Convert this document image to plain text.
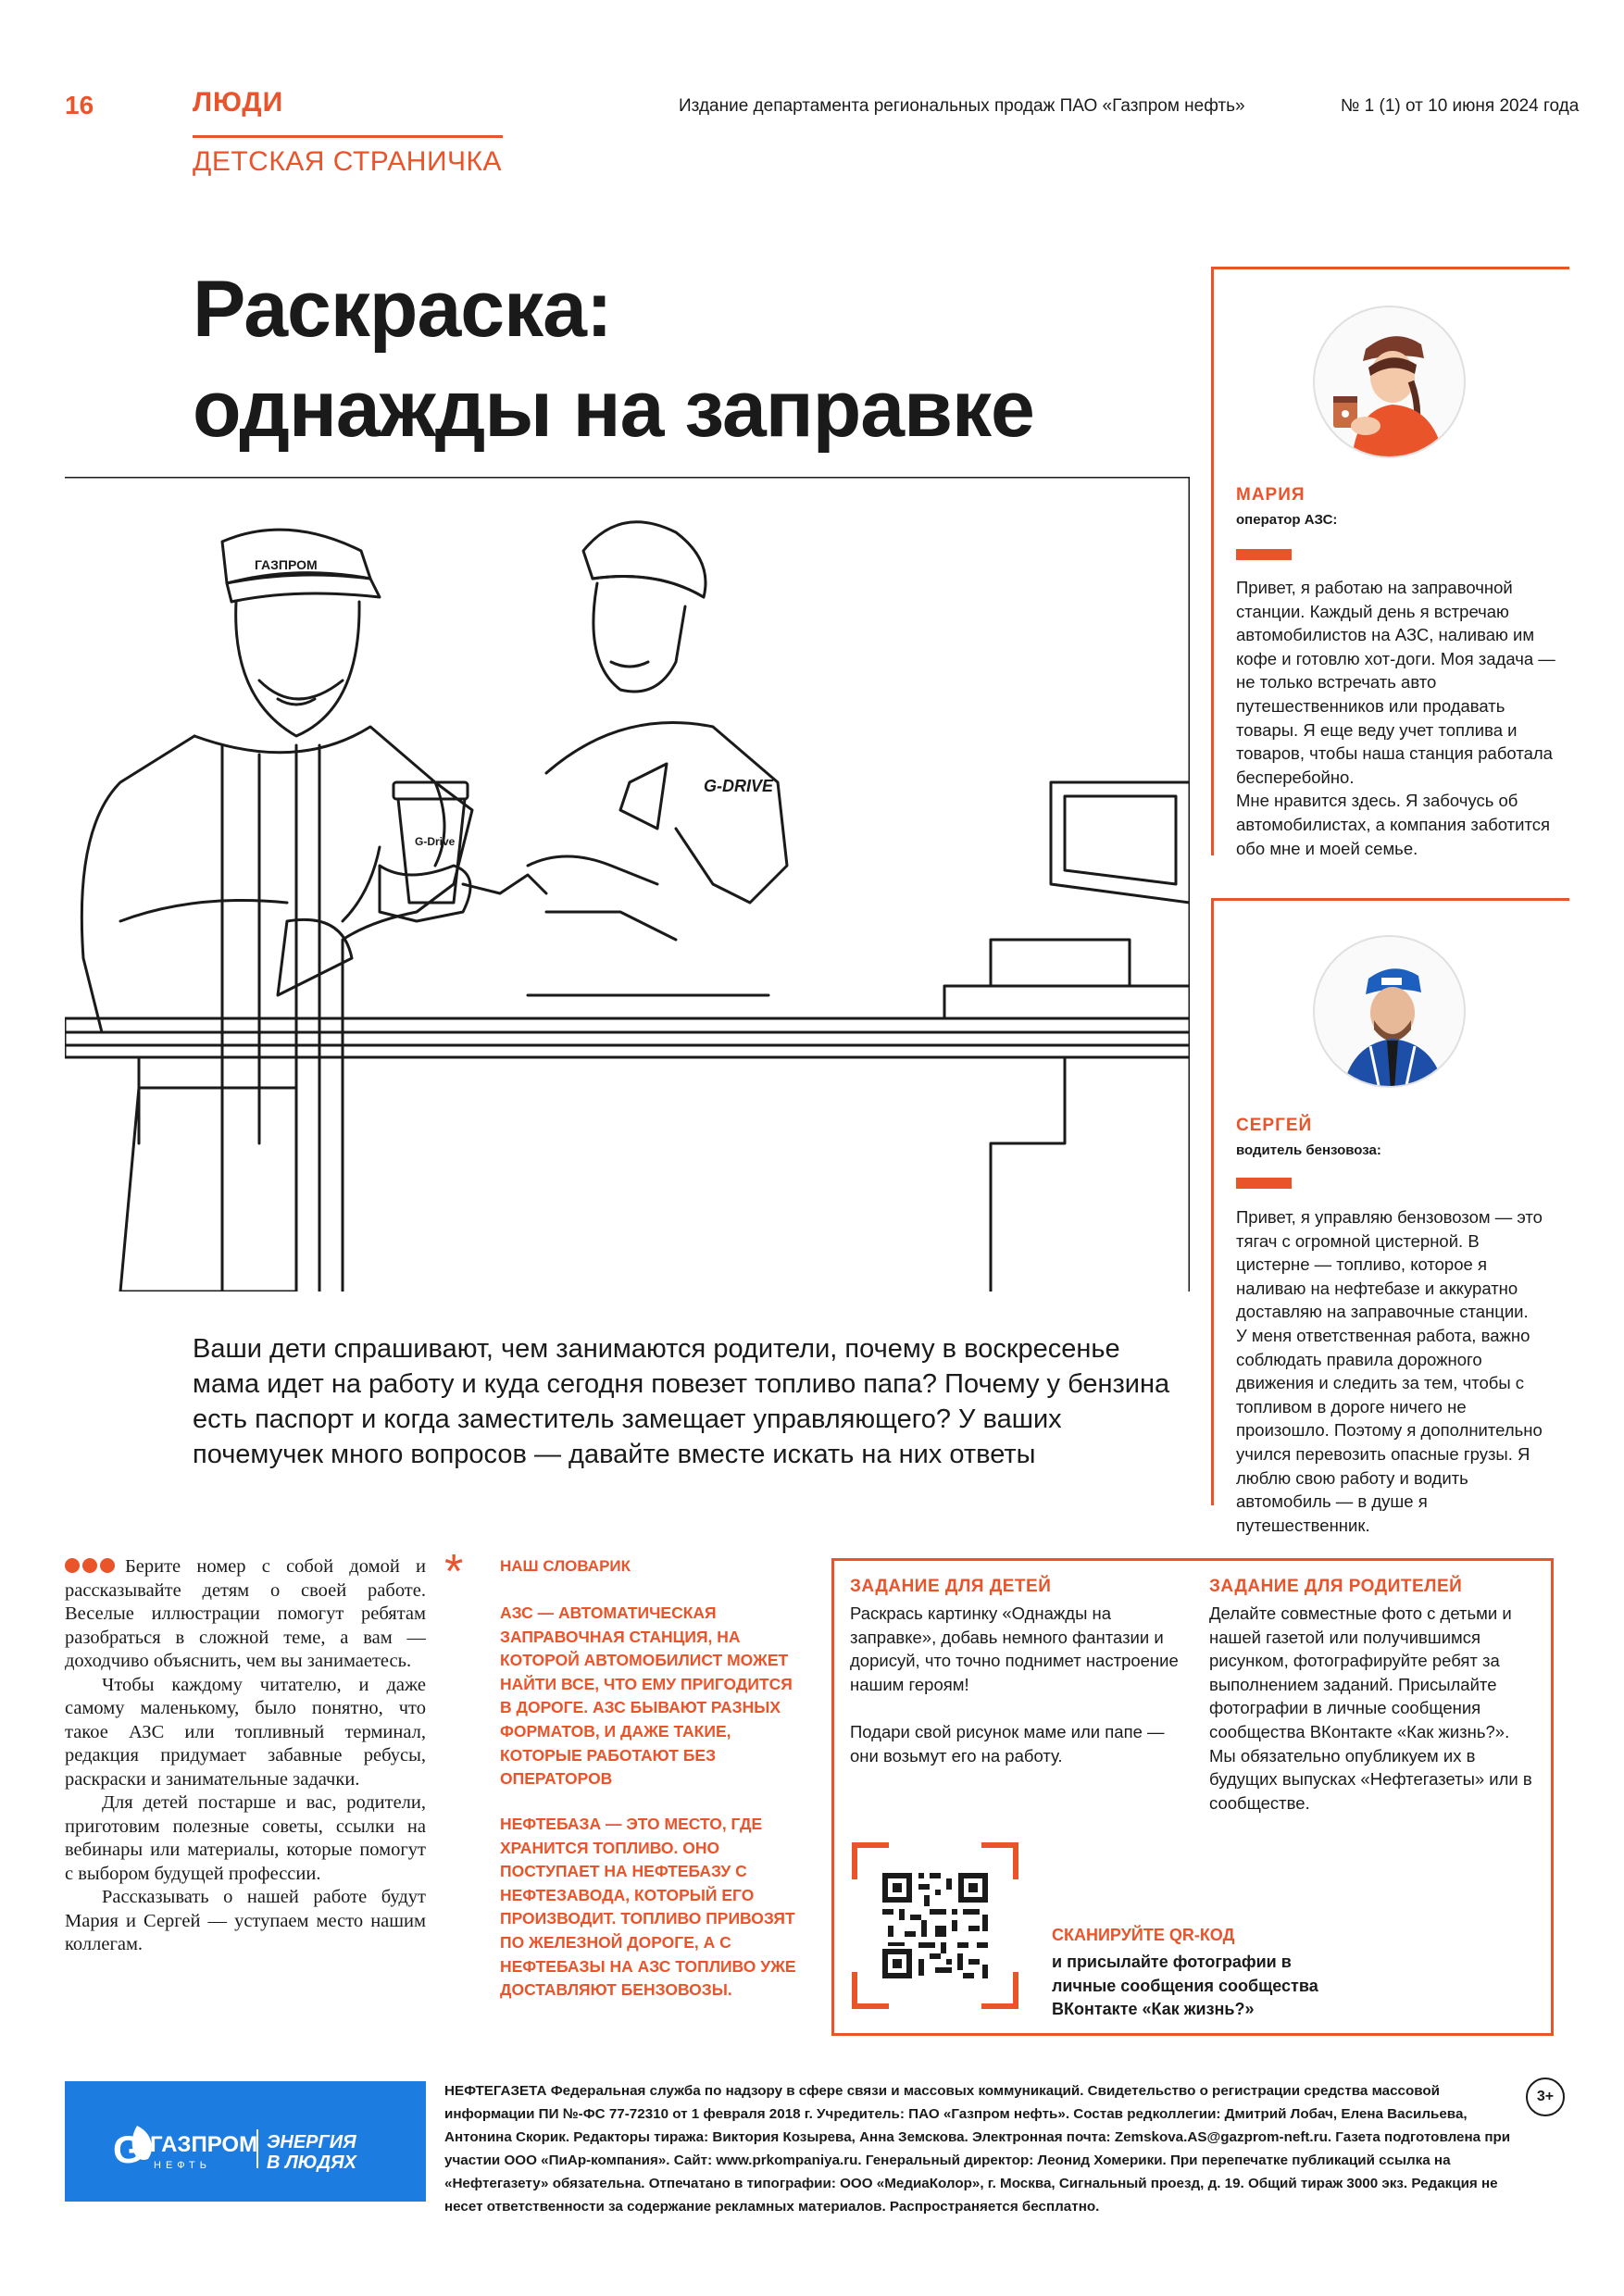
16	ЛЮДИ
ДЕТСКАЯ СТРАНИЧКА
Издание департамента региональных продаж ПАО «Газпром нефть»	№ 1 (1) от 10 июня 2024 года
Раскраска:
однажды на заправке
ГАЗПРОМ
G-DRIVE
G-Drive
Ваши дети спрашивают, чем занимаются родители, почему в воскресенье мама идет на работу и куда сегодня повезет топливо папа? Почему у бензина есть паспорт и когда заместитель замещает управляющего? У ваших почемучек много вопросов — давайте вместе искать на них ответы
МАРИЯ
оператор АЗС:
Привет, я работаю на заправочной станции. Каждый день я встречаю автомобилистов на АЗС, наливаю им кофе и готовлю хот-доги. Моя задача — не только встречать авто путешественников или продавать товары. Я еще веду учет топлива и товаров, чтобы наша станция работала бесперебойно.
Мне нравится здесь. Я забочусь об автомобилистах, а компания заботится обо мне и моей семье.
СЕРГЕЙ
водитель бензовоза:
Привет, я управляю бензовозом — это тягач с огромной цистерной. В цистерне — топливо, которое я наливаю на нефтебазе и аккуратно доставляю на заправочные станции.
У меня ответственная работа, важно соблюдать правила дорожного движения и следить за тем, чтобы с топливом в дороге ничего не произошло. Поэтому я дополнительно учился перевозить опасные грузы. Я люблю свою работу и водить автомобиль — в душе я путешественник.

Берите номер с собой домой и рассказывайте детям о своей работе. Веселые иллюстрации помогут ребятам разобраться в сложной теме, а вам — доходчиво объяснить, чем вы занимаетесь.

Чтобы каждому читателю, и даже самому маленькому, было понятно, что такое АЗС или топливный терминал, редакция придумает забавные ребусы, раскраски и занимательные задачки.

Для детей постарше и вас, родители, приготовим полезные советы, ссылки на вебинары или материалы, которые помогут с выбором будущей профессии.

Рассказывать о нашей работе будут Мария и Сергей — уступаем место нашим коллегам.

* НАШ СЛОВАРИК
АЗС — АВТОМАТИЧЕСКАЯ ЗАПРАВОЧНАЯ СТАНЦИЯ, НА КОТОРОЙ АВТОМОБИЛИСТ МОЖЕТ НАЙТИ ВСЕ, ЧТО ЕМУ ПРИГОДИТСЯ В ДОРОГЕ. АЗС БЫВАЮТ РАЗНЫХ ФОРМАТОВ, И ДАЖЕ ТАКИЕ, КОТОРЫЕ РАБОТАЮТ БЕЗ ОПЕРАТОРОВ
НЕФТЕБАЗА — ЭТО МЕСТО, ГДЕ ХРАНИТСЯ ТОПЛИВО. ОНО ПОСТУПАЕТ НА НЕФТЕБАЗУ С НЕФТЕЗАВОДА, КОТОРЫЙ ЕГО ПРОИЗВОДИТ. ТОПЛИВО ПРИВОЗЯТ ПО ЖЕЛЕЗНОЙ ДОРОГЕ, А С НЕФТЕБАЗЫ НА АЗС ТОПЛИВО УЖЕ ДОСТАВЛЯЮТ БЕНЗОВОЗЫ.
ЗАДАНИЕ ДЛЯ ДЕТЕЙ
Раскрась картинку «Однажды на заправке», добавь немного фантазии и дорисуй, что точно поднимет настроение нашим героям!
Подари свой рисунок маме или папе — они возьмут его на работу.
ЗАДАНИЕ ДЛЯ РОДИТЕЛЕЙ
Делайте совместные фото с детьми и нашей газетой или получившимся рисунком, фотографируйте ребят за выполнением заданий. Присылайте фотографии в личные сообщения сообщества ВКонтакте «Как жизнь?». Мы обязательно опубликуем их в будущих выпусках «Нефтегазеты» или в сообществе.
СКАНИРУЙТЕ QR-КОД
и присылайте фотографии в личные сообщения сообщества ВКонтакте «Как жизнь?»
G ГАЗПРОМ
НЕФТЬ
ЭНЕРГИЯ
В ЛЮДЯХ
НЕФТЕГАЗЕТА Федеральная служба по надзору в сфере связи и массовых коммуникаций. Свидетельство о регистрации средства массовой информации ПИ №-ФС 77-72310 от 1 февраля 2018 г. Учредитель: ПАО «Газпром нефть». Состав редколлегии: Дмитрий Лобач, Елена Васильева, Антонина Скорик. Редакторы тиража: Виктория Козырева, Анна Земскова. Электронная почта: Zemskova.AS@gazprom-neft.ru. Газета подготовлена при участии ООО «ПиАр-компания». Сайт: www.prkompaniya.ru. Генеральный директор: Леонид Хомерики. При перепечатке публикаций ссылка на «Нефтегазету» обязательна. Отпечатано в типографии: ООО «МедиаКолор», г. Москва, Сигнальный проезд, д. 19. Общий тираж 3000 экз. Редакция не несет ответственности за содержание рекламных материалов. Распространяется бесплатно.
3+
